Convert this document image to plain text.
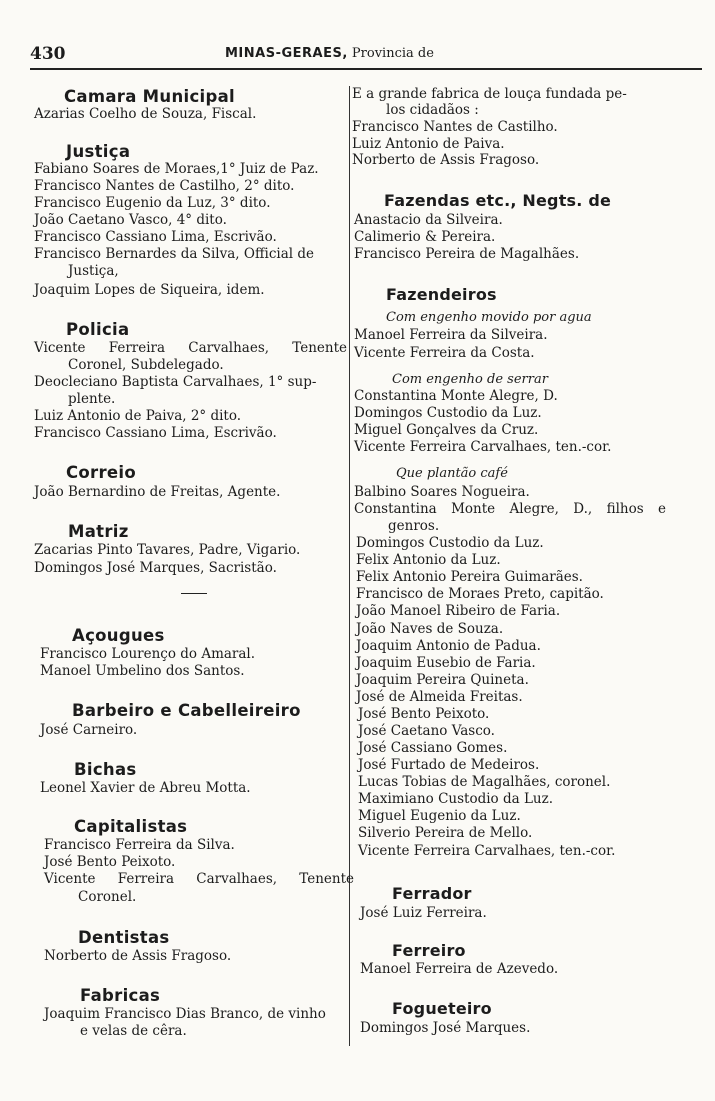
430	MINAS-GERAES, Provincia de
Camara Municipal
Azarias Coelho de Souza, Fiscal.
Justiça
Fabiano Soares de Moraes,1° Juiz de Paz.
Francisco Nantes de Castilho, 2° dito.
Francisco Eugenio da Luz, 3° dito.
João Caetano Vasco, 4° dito.
Francisco Cassiano Lima, Escrivão.
Francisco Bernardes da Silva, Official de
Justiça,
Joaquim Lopes de Siqueira, idem.
Policia
Vicente Ferreira Carvalhaes, Tenente
Coronel, Subdelegado.
Deocleciano Baptista Carvalhaes, 1° sup-
plente.
Luiz Antonio de Paiva, 2° dito.
Francisco Cassiano Lima, Escrivão.
Correio
João Bernardino de Freitas, Agente.
Matriz
Zacarias Pinto Tavares, Padre, Vigario.
Domingos José Marques, Sacristão.
Açougues
Francisco Lourenço do Amaral.
Manoel Umbelino dos Santos.
Barbeiro e Cabelleireiro
José Carneiro.
Bichas
Leonel Xavier de Abreu Motta.
Capitalistas
Francisco Ferreira da Silva.
José Bento Peixoto.
Vicente Ferreira Carvalhaes, Tenente
Coronel.
Dentistas
Norberto de Assis Fragoso.
Fabricas
Joaquim Francisco Dias Branco, de vinho
e velas de cêra.
E a grande fabrica de louça fundada pe-
los cidadãos :
Francisco Nantes de Castilho.
Luiz Antonio de Paiva.
Norberto de Assis Fragoso.
Fazendas etc., Negts. de
Anastacio da Silveira.
Calimerio & Pereira.
Francisco Pereira de Magalhães.
Fazendeiros
Com engenho movido por agua
Manoel Ferreira da Silveira.
Vicente Ferreira da Costa.
Com engenho de serrar
Constantina Monte Alegre, D.
Domingos Custodio da Luz.
Miguel Gonçalves da Cruz.
Vicente Ferreira Carvalhaes, ten.-cor.
Que plantão café
Balbino Soares Nogueira.
Constantina Monte Alegre, D., filhos e
genros.
Domingos Custodio da Luz.
Felix Antonio da Luz.
Felix Antonio Pereira Guimarães.
Francisco de Moraes Preto, capitão.
João Manoel Ribeiro de Faria.
João Naves de Souza.
Joaquim Antonio de Padua.
Joaquim Eusebio de Faria.
Joaquim Pereira Quineta.
José de Almeida Freitas.
José Bento Peixoto.
José Caetano Vasco.
José Cassiano Gomes.
José Furtado de Medeiros.
Lucas Tobias de Magalhães, coronel.
Maximiano Custodio da Luz.
Miguel Eugenio da Luz.
Silverio Pereira de Mello.
Vicente Ferreira Carvalhaes, ten.-cor.
Ferrador
José Luiz Ferreira.
Ferreiro
Manoel Ferreira de Azevedo.
Fogueteiro
Domingos José Marques.
